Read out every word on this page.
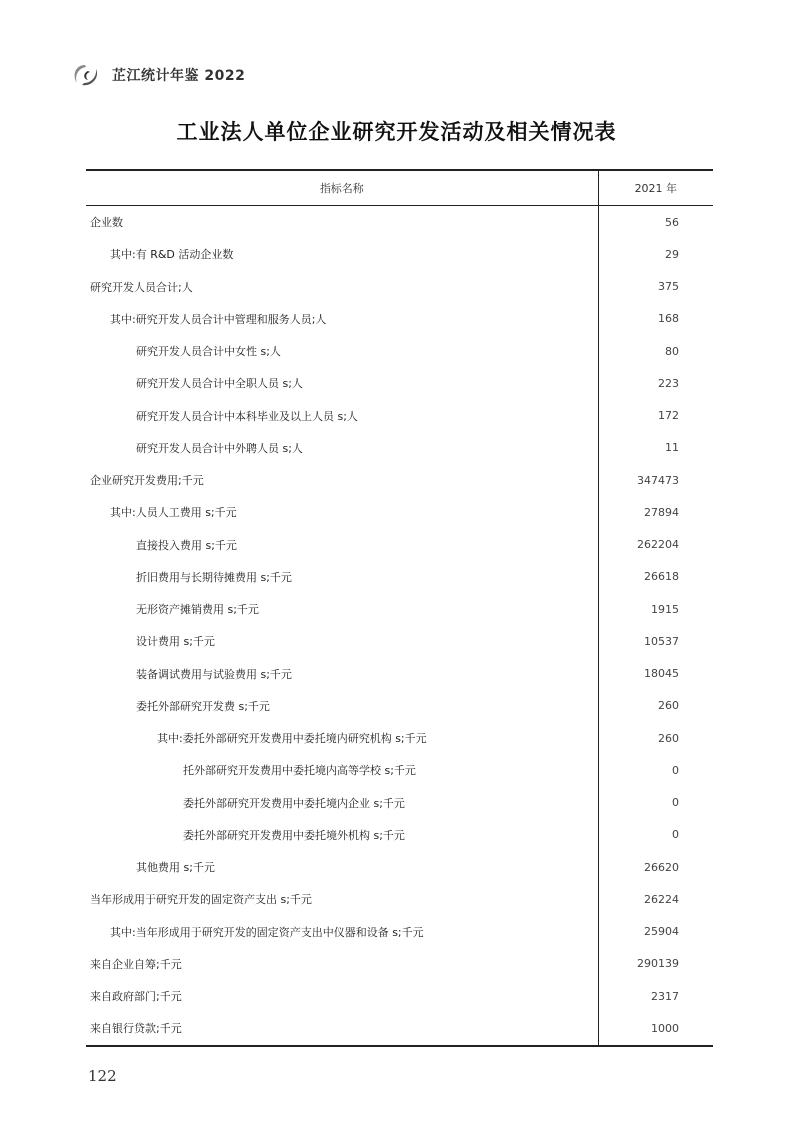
芷江统计年鉴 2022
工业法人单位企业研究开发活动及相关情况表
指标名称	2021 年
企业数	56
其中:有 R&D 活动企业数	29
研究开发人员合计;人	375
其中:研究开发人员合计中管理和服务人员;人	168
研究开发人员合计中女性 s;人	80
研究开发人员合计中全职人员 s;人	223
研究开发人员合计中本科毕业及以上人员 s;人	172
研究开发人员合计中外聘人员 s;人	11
企业研究开发费用;千元	347473
其中:人员人工费用 s;千元	27894
直接投入费用 s;千元	262204
折旧费用与长期待摊费用 s;千元	26618
无形资产摊销费用 s;千元	1915
设计费用 s;千元	10537
装备调试费用与试验费用 s;千元	18045
委托外部研究开发费 s;千元	260
其中:委托外部研究开发费用中委托境内研究机构 s;千元	260
托外部研究开发费用中委托境内高等学校 s;千元	0
委托外部研究开发费用中委托境内企业 s;千元	0
委托外部研究开发费用中委托境外机构 s;千元	0
其他费用 s;千元	26620
当年形成用于研究开发的固定资产支出 s;千元	26224
其中:当年形成用于研究开发的固定资产支出中仪器和设备 s;千元	25904
来自企业自筹;千元	290139
来自政府部门;千元	2317
来自银行贷款;千元	1000
122
